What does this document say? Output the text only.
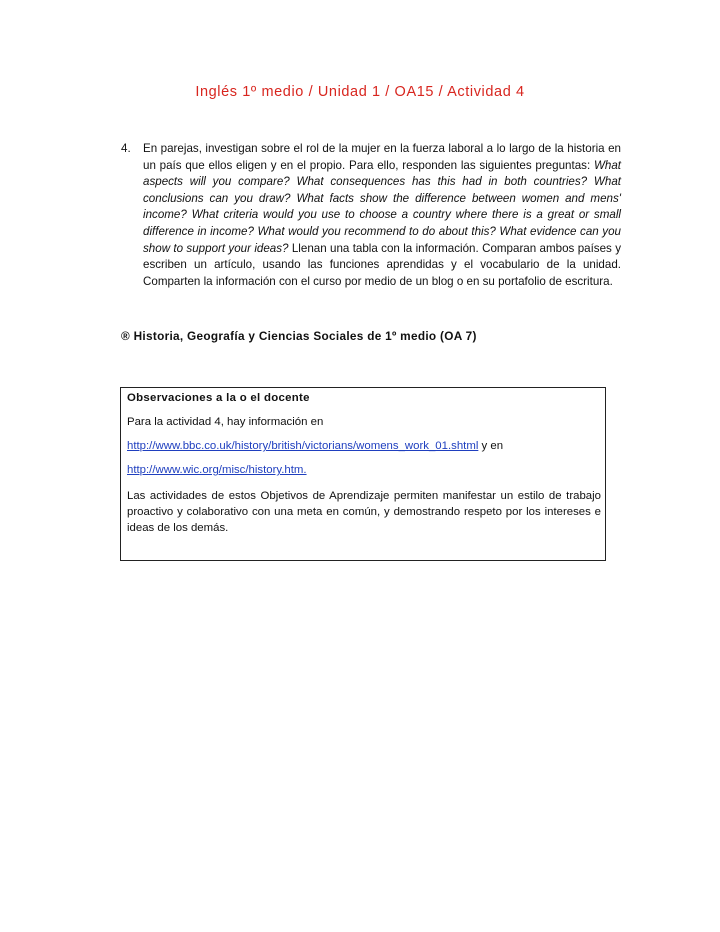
Inglés 1º medio / Unidad 1 / OA15 / Actividad 4
4. En parejas, investigan sobre el rol de la mujer en la fuerza laboral a lo largo de la historia en un país que ellos eligen y en el propio. Para ello, responden las siguientes preguntas: What aspects will you compare? What consequences has this had in both countries? What conclusions can you draw? What facts show the difference between women and mens' income? What criteria would you use to choose a country where there is a great or small difference in income? What would you recommend to do about this? What evidence can you show to support your ideas? Llenan una tabla con la información. Comparan ambos países y escriben un artículo, usando las funciones aprendidas y el vocabulario de la unidad. Comparten la información con el curso por medio de un blog o en su portafolio de escritura.
® Historia, Geografía y Ciencias Sociales de 1º medio (OA 7)
Observaciones a la o el docente
Para la actividad 4, hay información en
http://www.bbc.co.uk/history/british/victorians/womens_work_01.shtml y en
http://www.wic.org/misc/history.htm.
Las actividades de estos Objetivos de Aprendizaje permiten manifestar un estilo de trabajo proactivo y colaborativo con una meta en común, y demostrando respeto por los intereses e ideas de los demás.
